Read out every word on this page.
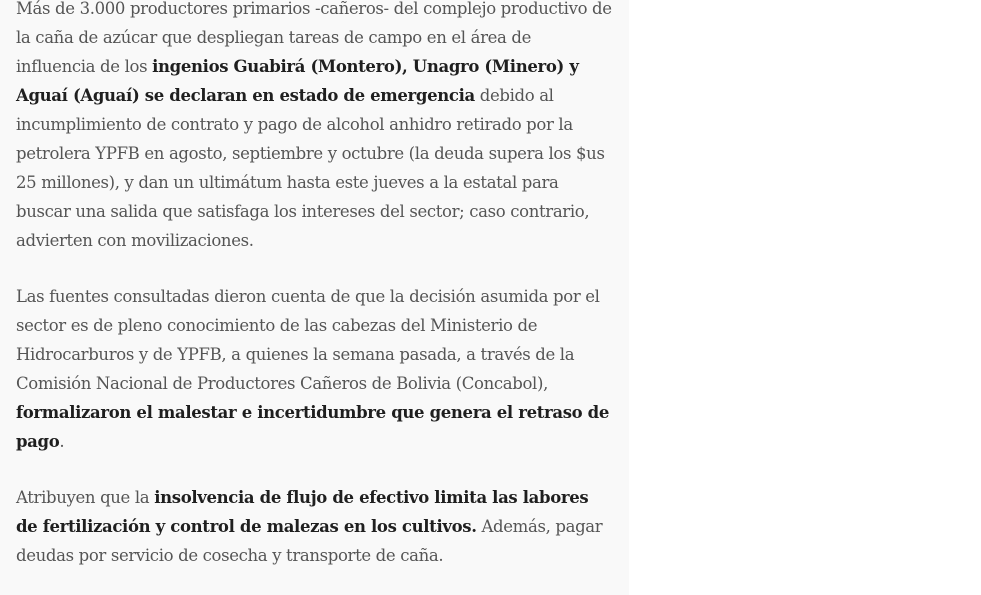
Más de 3.000 productores primarios -cañeros- del complejo productivo de la caña de azúcar que despliegan tareas de campo en el área de influencia de los ingenios Guabirá (Montero), Unagro (Minero) y Aguaí (Aguaí) se declaran en estado de emergencia debido al incumplimiento de contrato y pago de alcohol anhidro retirado por la petrolera YPFB en agosto, septiembre y octubre (la deuda supera los $us 25 millones), y dan un ultimátum hasta este jueves a la estatal para buscar una salida que satisfaga los intereses del sector; caso contrario, advierten con movilizaciones.

Las fuentes consultadas dieron cuenta de que la decisión asumida por el sector es de pleno conocimiento de las cabezas del Ministerio de Hidrocarburos y de YPFB, a quienes la semana pasada, a través de la Comisión Nacional de Productores Cañeros de Bolivia (Concabol), formalizaron el malestar e incertidumbre que genera el retraso de pago.

Atribuyen que la insolvencia de flujo de efectivo limita las labores de fertilización y control de malezas en los cultivos. Además, pagar deudas por servicio de cosecha y transporte de caña.
